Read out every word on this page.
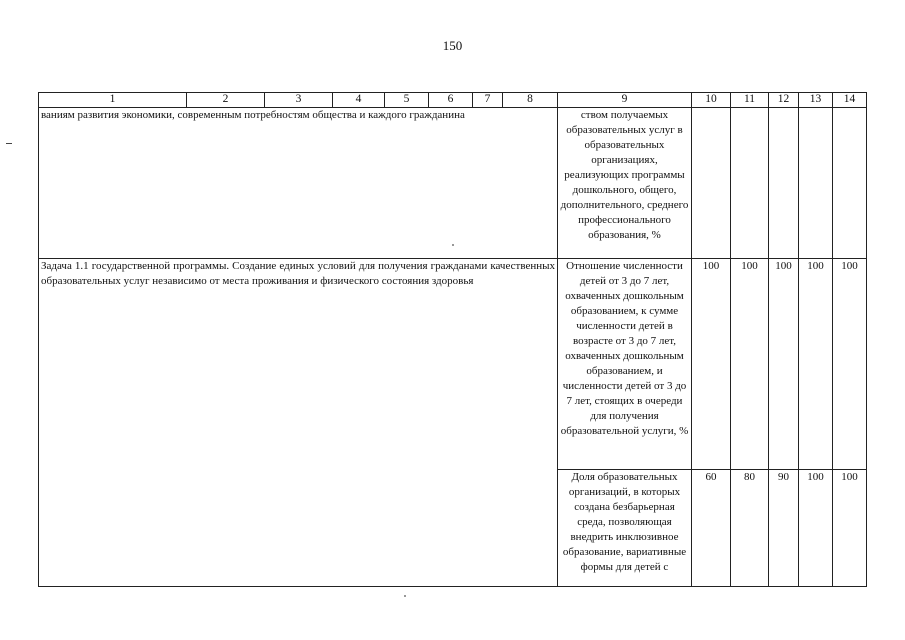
150
1	2	3	4	5	6	7	8	9	10	11	12	13	14
ваниям развития экономики, современным потребностям общества и каждого гражданина								ством получаемых образовательных услуг в образовательных организациях, реализующих программы дошкольного, общего, дополнительного, среднего профессионального образования, %					
Задача 1.1 государственной программы. Создание единых условий для получения гражданами качественных образовательных услуг независимо от места проживания и физического состояния здоровья								Отношение численности детей от 3 до 7 лет, охваченных дошкольным образованием, к сумме численности детей в возрасте от 3 до 7 лет, охваченных дошкольным образованием, и численности детей от 3 до 7 лет, стоящих в очереди для получения образовательной услуги, %	100	100	100	100	100
								Доля образовательных организаций, в которых создана безбарьерная среда, позволяющая внедрить инклюзивное образование, вариативные формы для детей с	60	80	90	100	100
